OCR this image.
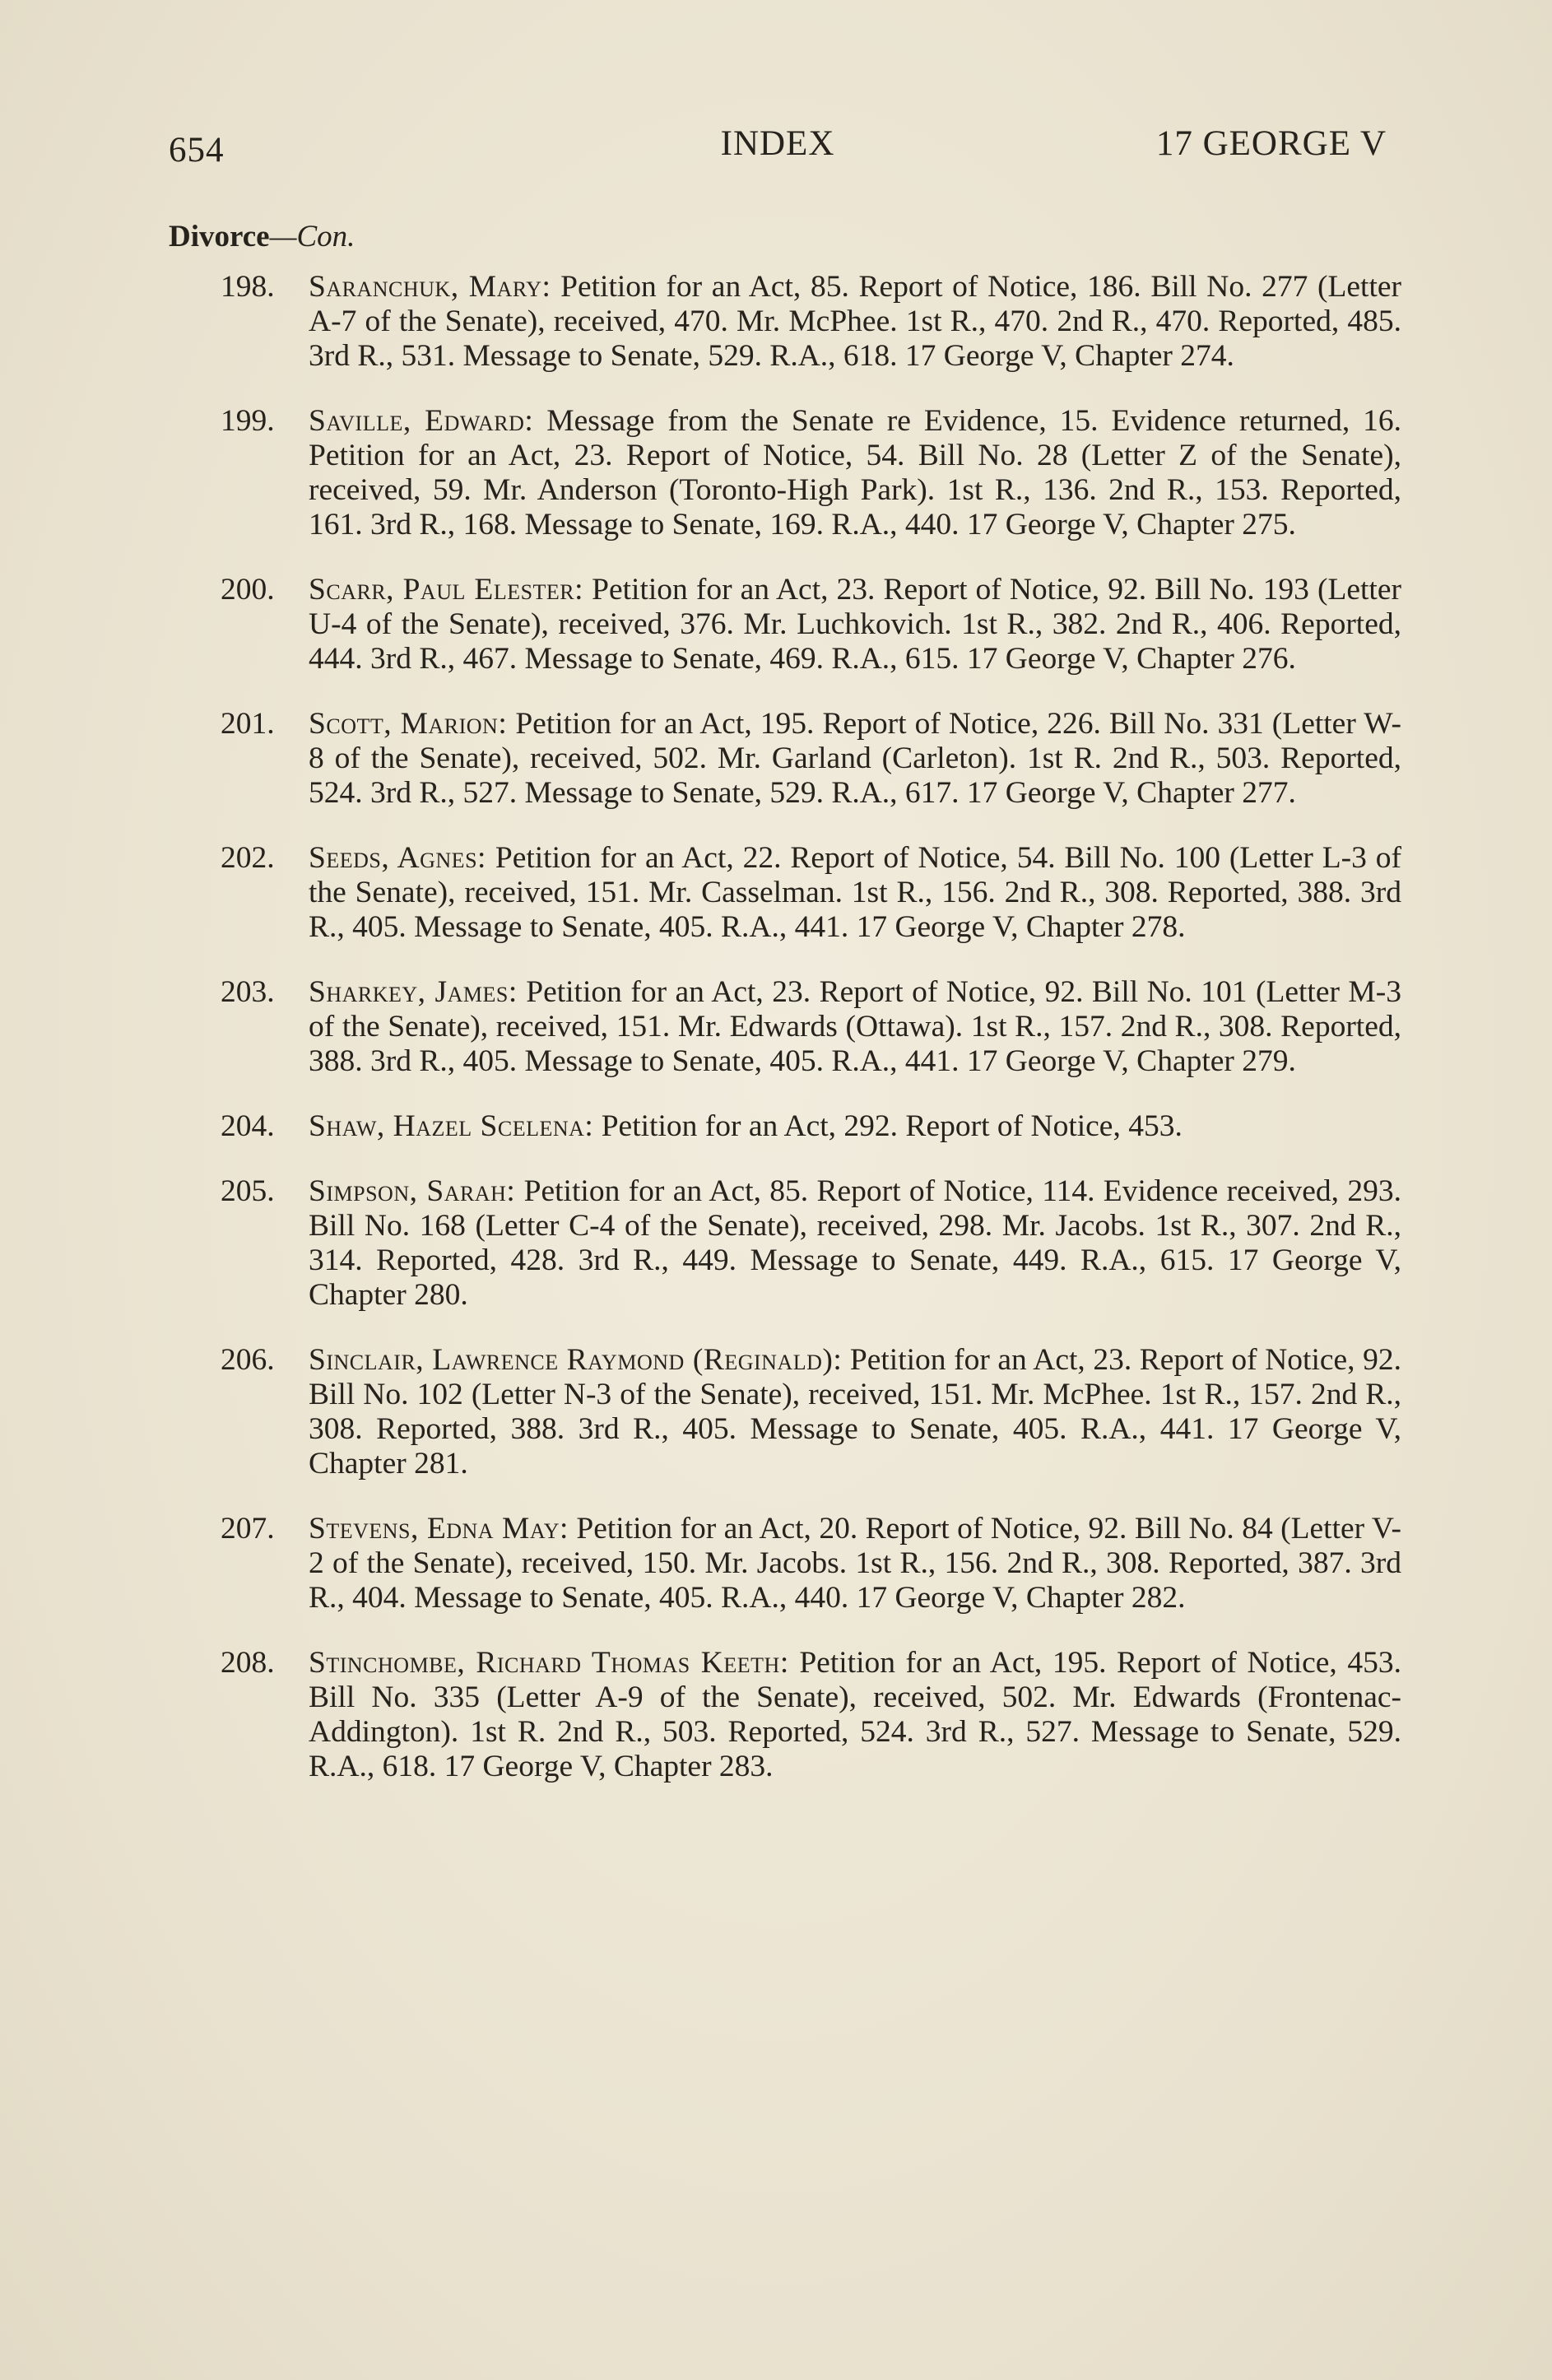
654	INDEX	17 GEORGE V
Divorce—Con.
198.	Saranchuk, Mary: Petition for an Act, 85. Report of Notice, 186. Bill No. 277 (Letter A-7 of the Senate), received, 470. Mr. McPhee. 1st R., 470. 2nd R., 470. Reported, 485. 3rd R., 531. Message to Senate, 529. R.A., 618. 17 George V, Chapter 274.
199.	Saville, Edward: Message from the Senate re Evidence, 15. Evidence returned, 16. Petition for an Act, 23. Report of Notice, 54. Bill No. 28 (Letter Z of the Senate), received, 59. Mr. Anderson (Toronto-High Park). 1st R., 136. 2nd R., 153. Reported, 161. 3rd R., 168. Message to Senate, 169. R.A., 440. 17 George V, Chapter 275.
200.	Scarr, Paul Elester: Petition for an Act, 23. Report of Notice, 92. Bill No. 193 (Letter U-4 of the Senate), received, 376. Mr. Luchkovich. 1st R., 382. 2nd R., 406. Reported, 444. 3rd R., 467. Message to Senate, 469. R.A., 615. 17 George V, Chapter 276.
201.	Scott, Marion: Petition for an Act, 195. Report of Notice, 226. Bill No. 331 (Letter W-8 of the Senate), received, 502. Mr. Garland (Carleton). 1st R. 2nd R., 503. Reported, 524. 3rd R., 527. Message to Senate, 529. R.A., 617. 17 George V, Chapter 277.
202.	Seeds, Agnes: Petition for an Act, 22. Report of Notice, 54. Bill No. 100 (Letter L-3 of the Senate), received, 151. Mr. Casselman. 1st R., 156. 2nd R., 308. Reported, 388. 3rd R., 405. Message to Senate, 405. R.A., 441. 17 George V, Chapter 278.
203.	Sharkey, James: Petition for an Act, 23. Report of Notice, 92. Bill No. 101 (Letter M-3 of the Senate), received, 151. Mr. Edwards (Ottawa). 1st R., 157. 2nd R., 308. Reported, 388. 3rd R., 405. Message to Senate, 405. R.A., 441. 17 George V, Chapter 279.
204.	Shaw, Hazel Scelena: Petition for an Act, 292. Report of Notice, 453.
205.	Simpson, Sarah: Petition for an Act, 85. Report of Notice, 114. Evidence received, 293. Bill No. 168 (Letter C-4 of the Senate), received, 298. Mr. Jacobs. 1st R., 307. 2nd R., 314. Reported, 428. 3rd R., 449. Message to Senate, 449. R.A., 615. 17 George V, Chapter 280.
206.	Sinclair, Lawrence Raymond (Reginald): Petition for an Act, 23. Report of Notice, 92. Bill No. 102 (Letter N-3 of the Senate), received, 151. Mr. McPhee. 1st R., 157. 2nd R., 308. Reported, 388. 3rd R., 405. Message to Senate, 405. R.A., 441. 17 George V, Chapter 281.
207.	Stevens, Edna May: Petition for an Act, 20. Report of Notice, 92. Bill No. 84 (Letter V-2 of the Senate), received, 150. Mr. Jacobs. 1st R., 156. 2nd R., 308. Reported, 387. 3rd R., 404. Message to Senate, 405. R.A., 440. 17 George V, Chapter 282.
208.	Stinchombe, Richard Thomas Keeth: Petition for an Act, 195. Report of Notice, 453. Bill No. 335 (Letter A-9 of the Senate), received, 502. Mr. Edwards (Frontenac-Addington). 1st R. 2nd R., 503. Reported, 524. 3rd R., 527. Message to Senate, 529. R.A., 618. 17 George V, Chapter 283.
